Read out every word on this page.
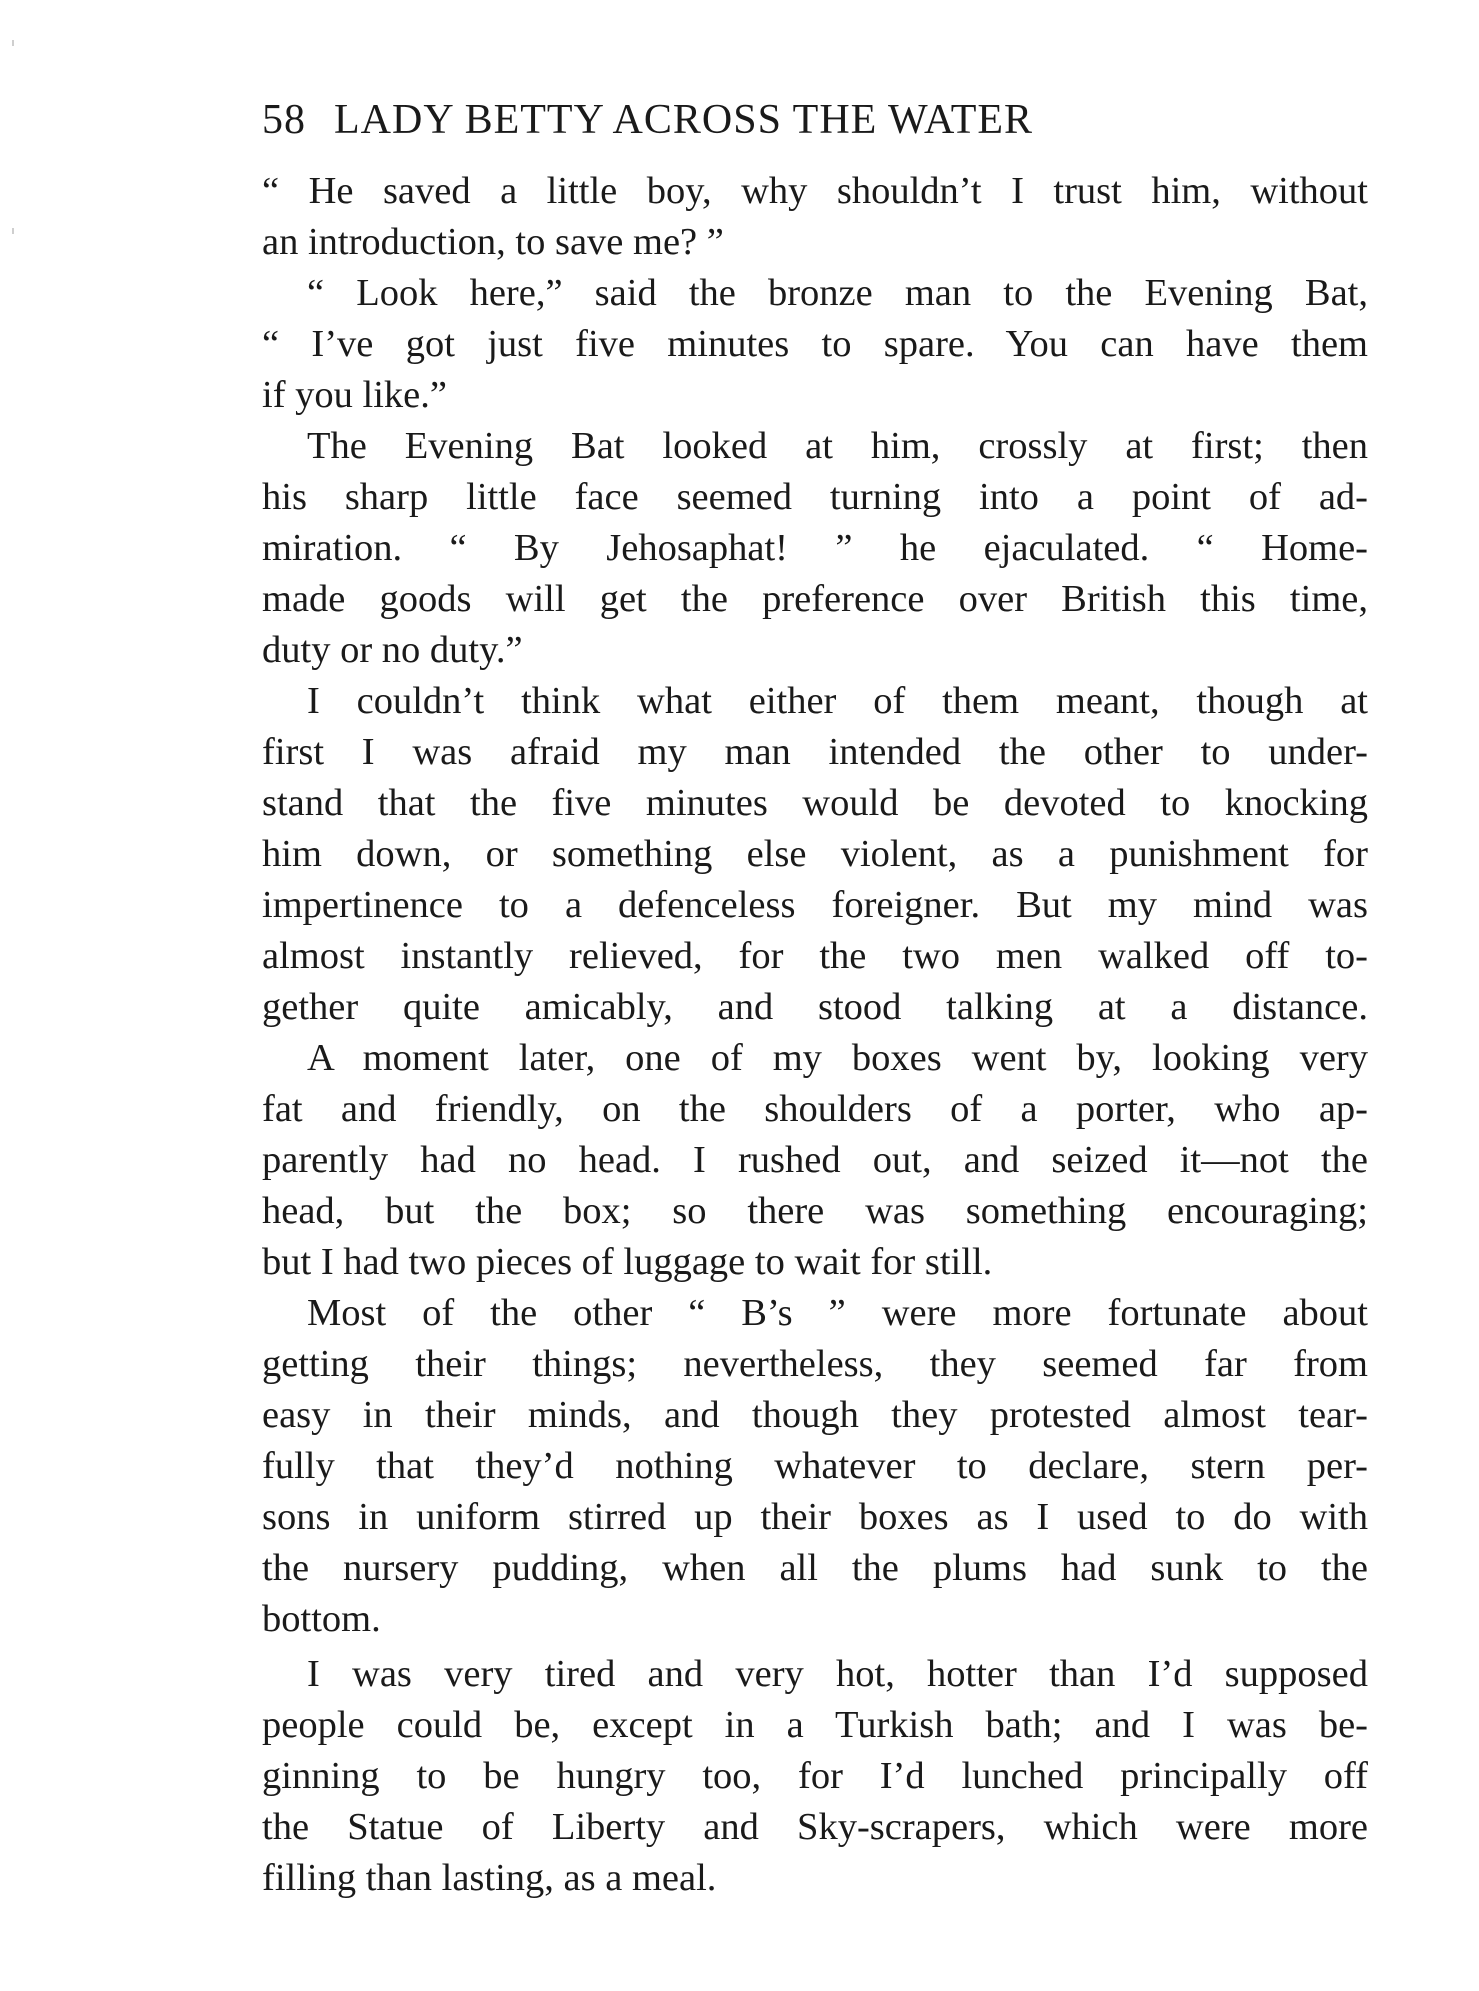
58 LADY BETTY ACROSS THE WATER

“ He saved a little boy, why shouldn’t I trust him, without
an introduction, to save me? ”

“ Look here,” said the bronze man to the Evening Bat,
“ I’ve got just five minutes to spare. You can have them
if you like.”

The Evening Bat looked at him, crossly at first; then
his sharp little face seemed turning into a point of ad-
miration. “ By Jehosaphat! ” he ejaculated. “ Home-
made goods will get the preference over British this time,
duty or no duty.”

I couldn’t think what either of them meant, though at
first I was afraid my man intended the other to under-
stand that the five minutes would be devoted to knocking
him down, or something else violent, as a punishment for
impertinence to a defenceless foreigner. But my mind was
almost instantly relieved, for the two men walked off to-
gether quite amicably, and stood talking at a distance.

A moment later, one of my boxes went by, looking very
fat and friendly, on the shoulders of a porter, who ap-
parently had no head. I rushed out, and seized it—not the
head, but the box; so there was something encouraging;
but I had two pieces of luggage to wait for still.

Most of the other “ B’s ” were more fortunate about
getting their things; nevertheless, they seemed far from
easy in their minds, and though they protested almost tear-
fully that they’d nothing whatever to declare, stern per-
sons in uniform stirred up their boxes as I used to do with
the nursery pudding, when all the plums had sunk to the
bottom.

I was very tired and very hot, hotter than I’d supposed
people could be, except in a Turkish bath; and I was be-
ginning to be hungry too, for I’d lunched principally off
the Statue of Liberty and Sky-scrapers, which were more
filling than lasting, as a meal.
